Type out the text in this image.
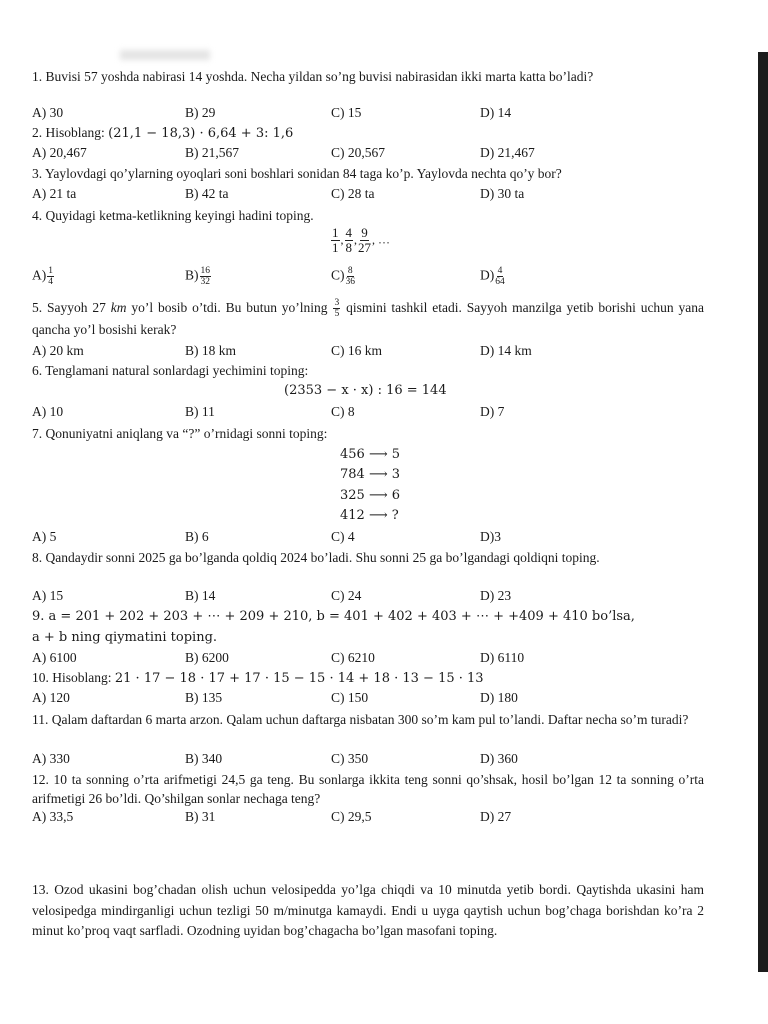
1. Buvisi 57 yoshda nabirasi 14 yoshda. Necha yildan so’ng buvisi nabirasidan ikki marta katta bo’ladi?
A) 30	B) 29	C) 15	D) 14
2. Hisoblang: (21,1 − 18,3) · 6,64 + 3: 1,6
A) 20,467	B) 21,567	C) 20,567	D) 21,467
3. Yaylovdagi qo’ylarning oyoqlari soni boshlari sonidan 84 taga ko’p. Yaylovda nechta qo’y bor?
A) 21 ta	B) 42 ta	C) 28 ta	D) 30 ta
4. Quyidagi ketma-ketlikning keyingi hadini toping.
$\frac{1}{1}$ , $\frac{4}{8}$ , $\frac{9}{27}$ , …
$A) \frac{1}{4}$	$B) \frac{16}{32}$	$C) \frac{8}{36}$	$D) \frac{4}{64}$
5. Sayyoh 27 km yo’l bosib o’tdi. Bu butun yo’lning $\frac{3}{5}$ qismini tashkil etadi. Sayyoh manzilga yetib borishi uchun yana qancha yo’l bosishi kerak?
A) 20 km	B) 18 km	C) 16 km	D) 14 km
6. Tenglamani natural sonlardagi yechimini toping:
(2353 − x · x) : 16 = 144
A) 10	B) 11	C) 8	D) 7
7. Qonuniyatni aniqlang va “?” o’rnidagi sonni toping:
456 ⟶ 5
784 ⟶ 3
325 ⟶ 6
412 ⟶ ?
A) 5	B) 6	C) 4	D)3
8. Qandaydir sonni 2025 ga bo’lganda qoldiq 2024 bo’ladi. Shu sonni 25 ga bo’lgandagi qoldiqni toping.
A) 15	B) 14	C) 24	D) 23
9. a = 201 + 202 + 203 + ⋯ + 209 + 210, b = 401 + 402 + 403 + ⋯ + +409 + 410 bo’lsa,
a + b ning qiymatini toping.
A) 6100	B) 6200	C) 6210	D) 6110
10. Hisoblang: 21 · 17 − 18 · 17 + 17 · 15 − 15 · 14 + 18 · 13 − 15 · 13
A) 120	B) 135	C) 150	D) 180
11. Qalam daftardan 6 marta arzon. Qalam uchun daftarga nisbatan 300 so’m kam pul to’landi. Daftar necha so’m turadi?
A) 330	B) 340	C) 350	D) 360
12. 10 ta sonning o’rta arifmetigi 24,5 ga teng. Bu sonlarga ikkita teng sonni qo’shsak, hosil bo’lgan 12 ta sonning o’rta arifmetigi 26 bo’ldi. Qo’shilgan sonlar nechaga teng?
A) 33,5	B) 31	C) 29,5	D) 27
13. Ozod ukasini bog’chadan olish uchun velosipedda yo’lga chiqdi va 10 minutda yetib bordi. Qaytishda ukasini ham velosipedga mindirganligi uchun tezligi 50 m/minutga kamaydi. Endi u uyga qaytish uchun bog’chaga borishdan ko’ra 2 minut ko’proq vaqt sarfladi. Ozodning uyidan bog’chagacha bo’lgan masofani toping.
